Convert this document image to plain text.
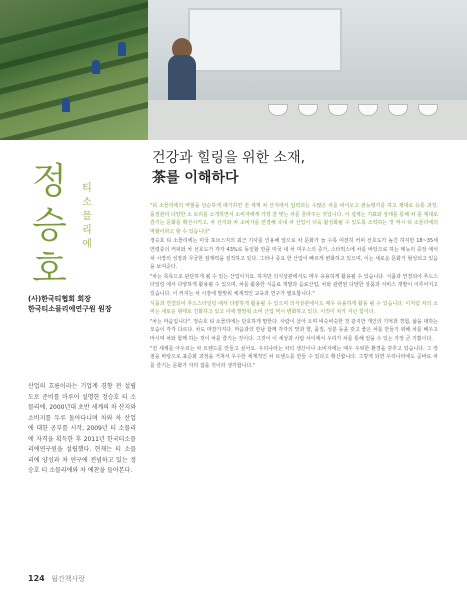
정
승
호
티
소
믈
리
에
(사)한국티협회 회장
한국티소믈리에연구원 원장
산업의 흐름이라는 기업계 경향 전 설립도로 준비를 마루어 설명한 정승호 티 소믈리에. 2000년대 초반 세계의 차 산지와 소비지를 두루 돌아다니며 차와 차 산업에 대한 공부를 시작, 2009년 티 소믈리에 자격을 획득한 후 2011년 한국티소믈리에연구원을 설립했다. 현재는 티 소믈리에 양성과 차 연구에 전념하고 있는 정승호 티 소믈리에와 차 예찬을 들어본다.
건강과 힐링을 위한 소재,
茶를 이해하다

"티 소믈리에의 역할을 단순하게 얘기하면 전 세계 차 산지에서 입력되는 수많은 차를 바이오고 관능평가를 하고 제대로 유통 과정, 품질관리 다양한 소 토리를 소개하면서 소비자에게 가장 잘 맞는 차를 골라주는 것입니다. 이 설계는 기표와 상태를 통해 차 를 제대로 즐기는 문화를 확산시키고, 차 산지와 차 소비자를 연결해 국내 차 산업이 더욱 활성화될 수 있도록 조력하는 것 역시 티 소믈리에의 역할이라고 할 수 있습니다"

정승호 티 소믈리에는 미국 포브스지의 최근 기사를 인용해 앞으로 차 문화가 늘 수록 여전히 커피 선호도가 높긴 하지만 18~35세 연령층의 커피와 차 선호도가 각각 43%로 동일할 만큼 미국 내 차 미우스의 증가, 스타벅스에 차를 바탕으로 하는 메뉴의 증장 에서 차 시장의 성장과 무궁한 잠재력을 짐작하고 있다. 그러나 중요 한 산업이 빠르게 변화하고 있으며, 이는 새로운 문화가 형성되고 있음을 보여준다.

"차는 목록으로 판단하게 될 수 있는 산업이지요. 하지만 의식상관에서도 매우 유용하게 활용될 수 있습니다. 식품과 연결되어 푸드스타일링 에서 다양하게 활용될 수 있으며, 차를 활용한 식음료 개발과 음료산업, 차와 관련된 다양한 상품과 서비스 개발이 이루어지고 있습니다. 이 커지는 차 시장에 발맞춰 체계적인 교육과 연구가 필요합니다."

식품과 연결되어 푸드스타일링 에서 다양하게 활용될 수 있으며 의식상관에서도 매우 유용하게 활용 될 수 있습니다. 이처럼 차의 소비는 새로운 형태로 진화하고 있고 이에 발맞춰 소비 산업 역시 변화하고 있다. 이것이 차가 지닌 힘이다.

"차는 마음입니다". 정승호 티 소믈리에는 단호하게 말한다. 사람이 살아 오며 비슷비슷한 것 같지만 개인의 기억과 경험, 삶을 대하는 모습이 각각 다르다. 차도 마찬가지다. 마음과의 만남 함께 각각의 맛과 향, 품질, 성분 등을 갖고 좋은 차를 만들기 위해 차를 배우고 마시며 차와 함께 하는 것이 차를 즐기는 것이다. 그것이 이 세상과 사람 사이에서 우리가 차를 통해 얻을 수 있는 가장 큰 기쁨이다.

"전 세계를 아우르는 차 트렌드를 만들고 싶어요. 우리나라는 차의 생산이나 소비자에는 매우 우위한 환경을 갖추고 있습니다. 그 장점을 바탕으로 표준화 과정을 거쳐서 우수한 세계적인 차 브랜드를 만들 수 있다고 확신합니다. 그렇게 되면 우리나라에도 곧바로 차를 즐기는 문화가 자리 잡을 것이라 생각합니다."

124 월간책사랑
